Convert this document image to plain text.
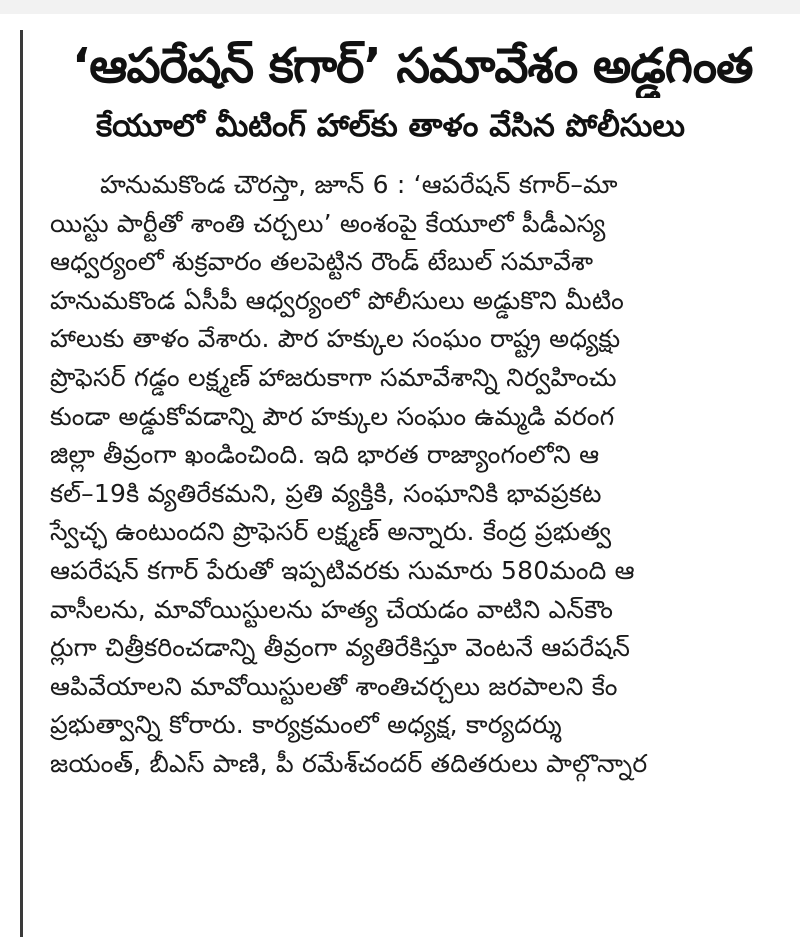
‘ఆపరేషన్ కగార్’ సమావేశం అడ్డగింత
కేయూలో మీటింగ్ హాల్‌కు తాళం వేసిన పోలీసులు
హనుమకొండ చౌరస్తా, జూన్ 6 : ‘ఆపరేషన్ కగార్–మా
యిస్టు పార్టీతో శాంతి చర్చలు’ అంశంపై కేయూలో పీడీఎస్య
ఆధ్వర్యంలో శుక్రవారం తలపెట్టిన రౌండ్ టేబుల్ సమావేశా
హనుమకొండ ఏసీపీ ఆధ్వర్యంలో పోలీసులు అడ్డుకొని మీటిం
హాలుకు తాళం వేశారు. పౌర హక్కుల సంఘం రాష్ట్ర అధ్యక్షు
ప్రొఫెసర్ గడ్డం లక్ష్మణ్ హాజరుకాగా సమావేశాన్ని నిర్వహించు
కుండా అడ్డుకోవడాన్ని పౌర హక్కుల సంఘం ఉమ్మడి వరంగ
జిల్లా తీవ్రంగా ఖండించింది. ఇది భారత రాజ్యాంగంలోని ఆ
కల్–19కి వ్యతిరేకమని, ప్రతి వ్యక్తికి, సంఘానికి భావప్రకట
స్వేచ్ఛ ఉంటుందని ప్రొఫెసర్ లక్ష్మణ్ అన్నారు. కేంద్ర ప్రభుత్వ
ఆపరేషన్ కగార్ పేరుతో ఇప్పటివరకు సుమారు 580మంది ఆ
వాసీలను, మావోయిస్టులను హత్య చేయడం వాటిని ఎన్‌కౌం
ర్లుగా చిత్రీకరించడాన్ని తీవ్రంగా వ్యతిరేకిస్తూ వెంటనే ఆపరేషన్
ఆపివేయాలని మావోయిస్టులతో శాంతిచర్చలు జరపాలని కేం
ప్రభుత్వాన్ని కోరారు. కార్యక్రమంలో అధ్యక్ష, కార్యదర్శు
జయంత్, బీఎస్ పాణి, పీ రమేశ్‌చందర్ తదితరులు పాల్గొన్నార
